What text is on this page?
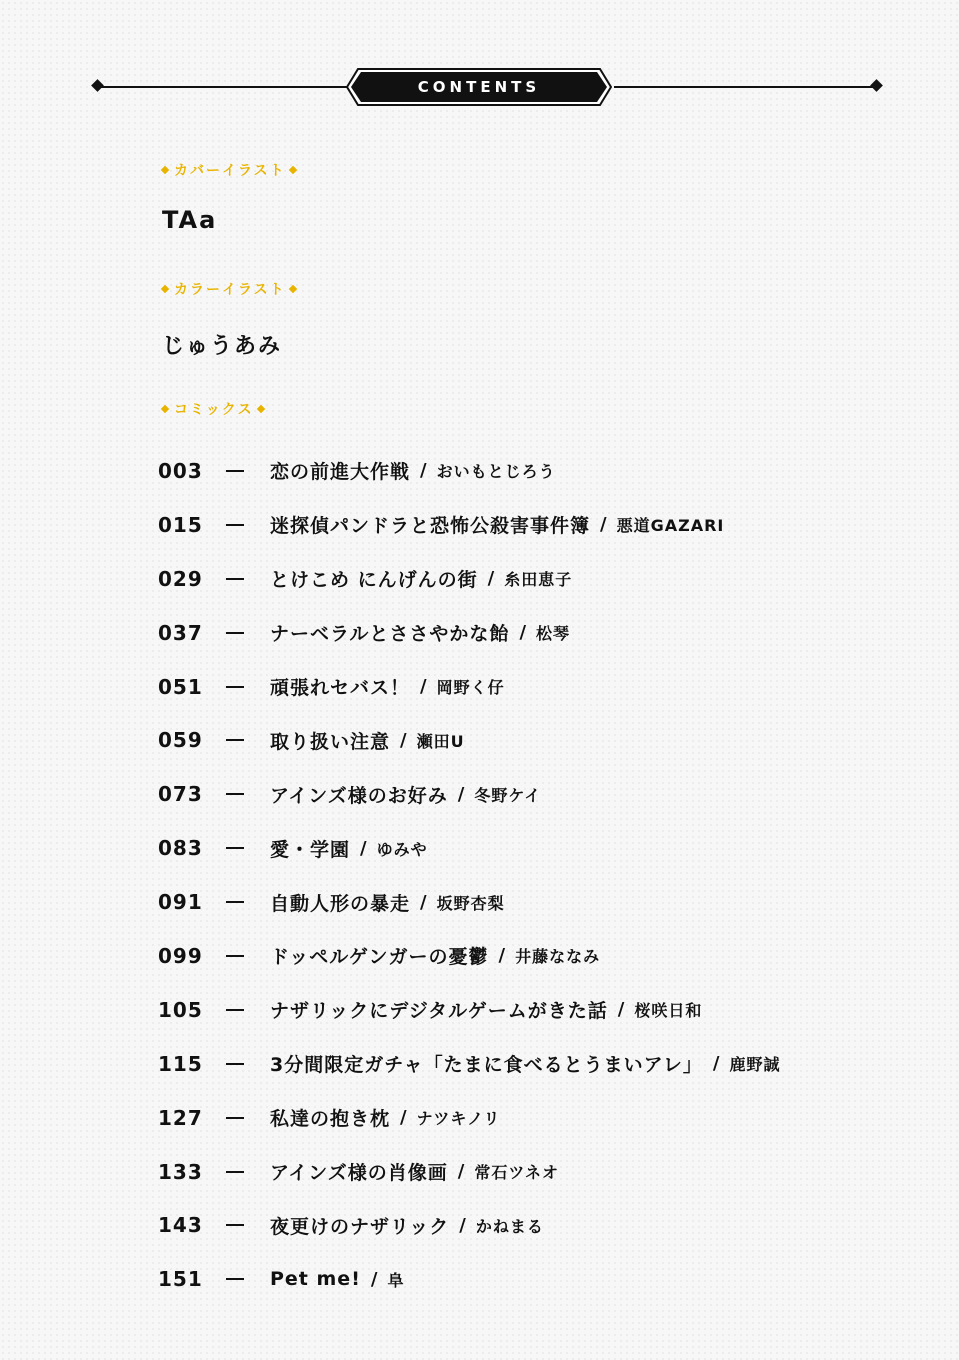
CONTENTS
カバーイラスト
TAa
カラーイラスト
じゅうあみ
コミックス
003	恋の前進大作戦 / おいもとじろう
015	迷探偵パンドラと恐怖公殺害事件簿 / 悪道GAZARI
029	とけこめ にんげんの街 / 糸田恵子
037	ナーベラルとささやかな飴 / 松琴
051	頑張れセバス！ / 岡野く仔
059	取り扱い注意 / 瀬田U
073	アインズ様のお好み / 冬野ケイ
083	愛・学園 / ゆみや
091	自動人形の暴走 / 坂野杏梨
099	ドッペルゲンガーの憂鬱 / 井藤ななみ
105	ナザリックにデジタルゲームがきた話 / 桜咲日和
115	3分間限定ガチャ「たまに食べるとうまいアレ」 / 鹿野誠
127	私達の抱き枕 / ナツキノリ
133	アインズ様の肖像画 / 常石ツネオ
143	夜更けのナザリック / かねまる
151	Pet me! / 阜
